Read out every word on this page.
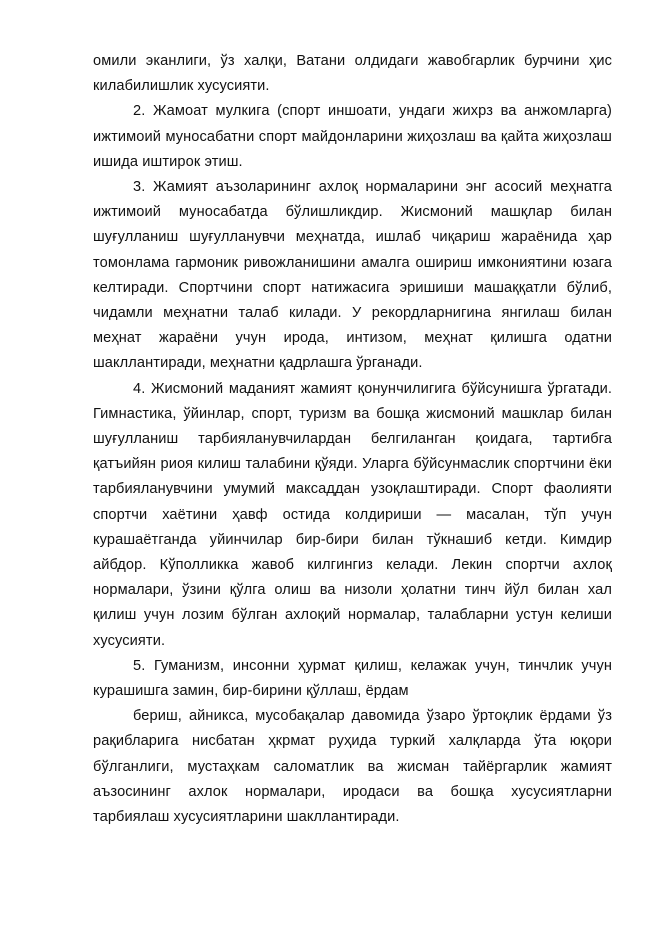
омили эканлиги, ўз халқи, Ватани олдидаги жавобгарлик бурчини ҳис килабилишлик хусусияти.

2. Жамоат мулкига (спорт иншоати, ундаги жихрз ва анжомларга) ижтимоий муносабатни спорт майдонларини жиҳозлаш ва қайта жиҳозлаш ишида иштирок этиш.

3. Жамият аъзоларининг ахлоқ нормаларини энг асосий меҳнатга ижтимоий муносабатда бўлишликдир. Жисмоний машқлар билан шуғулланиш шуғулланувчи меҳнатда, ишлаб чиқариш жараёнида ҳар томонлама гармоник ривожланишини амалга ошириш имкониятини юзага келтиради. Спортчини спорт натижасига эришиши машаққатли бўлиб, чидамли меҳнатни талаб килади. У рекордларнигина янгилаш билан меҳнат жараёни учун ирода, интизом, меҳнат қилишга одатни шакллантиради, меҳнатни қадрлашга ўрганади.

4. Жисмоний маданият жамият қонунчилигига бўйсунишга ўргатади. Гимнастика, ўйинлар, спорт, туризм ва бошқа жисмоний машклар билан шуғулланиш тарбияланувчилардан белгиланган қоидага, тартибга қатъийян риоя килиш талабини қўяди. Уларга бўйсунмаслик спортчини ёки тарбияланувчини умумий максаддан узоқлаштиради. Спорт фаолияти спортчи хаётини ҳавф остида колдириши — масалан, тўп учун курашаётганда уйинчилар бир-бири билан тўкнашиб кетди. Кимдир айбдор. Кўполликка жавоб килгингиз келади. Лекин спортчи ахлоқ нормалари, ўзини қўлга олиш ва низоли ҳолатни тинч йўл билан хал қилиш учун лозим бўлган ахлоқий нормалар, талабларни устун келиши хусусияти.

5. Гуманизм, инсонни ҳурмат қилиш, келажак учун, тинчлик учун курашишга замин, бир-бирини қўллаш, ёрдам

бериш, айникса, мусобақалар давомида ўзаро ўртоқлик ёрдами ўз рақибларига нисбатан ҳкрмат руҳида туркий халқларда ўта юқори бўлганлиги, мустаҳкам саломатлик ва жисман тайёргарлик жамият аъзосининг ахлок нормалари, иродаси ва бошқа хусусиятларни тарбиялаш хусусиятларини шакллантиради.
